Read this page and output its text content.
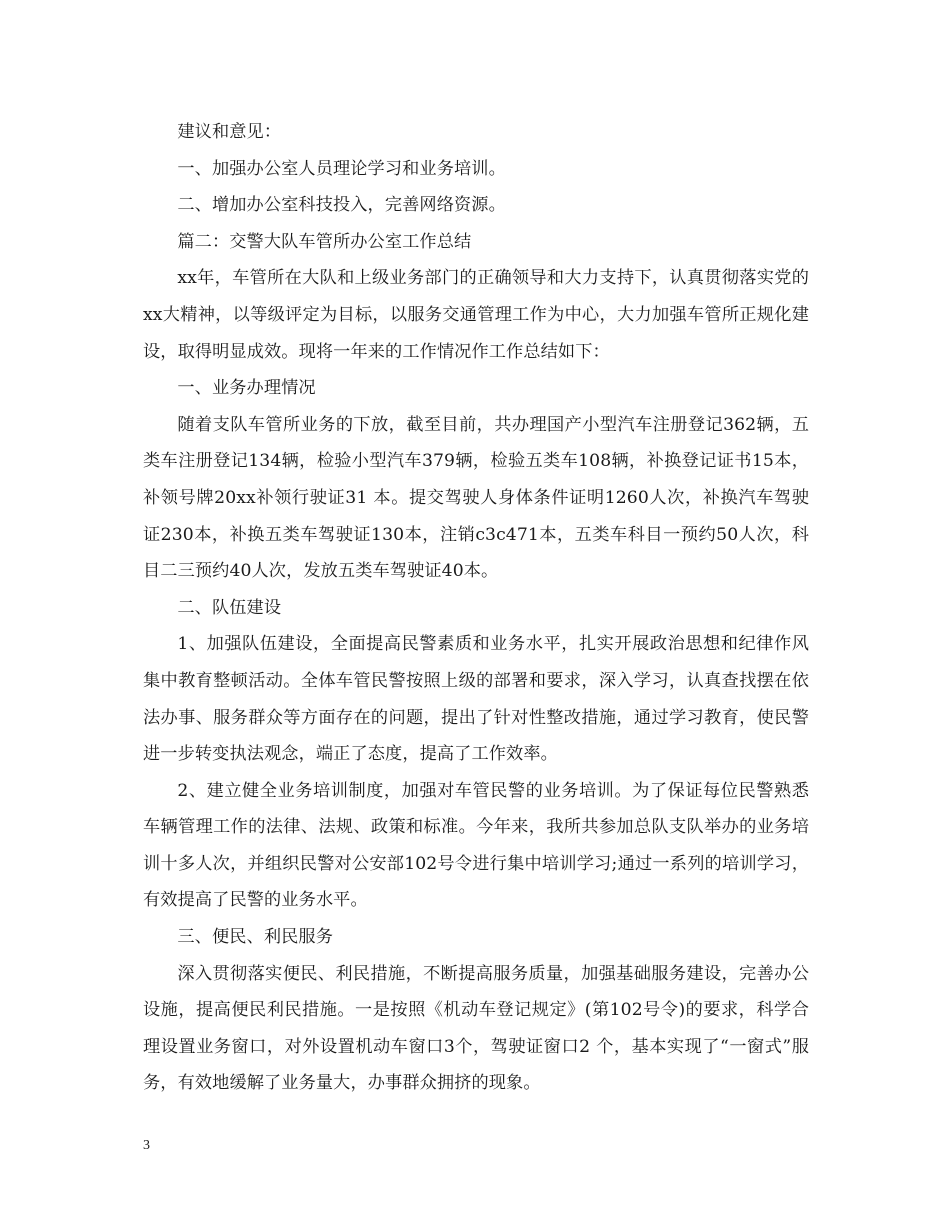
建议和意见：

一、加强办公室人员理论学习和业务培训。

二、增加办公室科技投入，完善网络资源。

篇二：交警大队车管所办公室工作总结

xx年，车管所在大队和上级业务部门的正确领导和大力支持下，认真贯彻落实党的xx大精神，以等级评定为目标，以服务交通管理工作为中心，大力加强车管所正规化建设，取得明显成效。现将一年来的工作情况作工作总结如下：

一、业务办理情况

随着支队车管所业务的下放，截至目前，共办理国产小型汽车注册登记362辆，五类车注册登记134辆，检验小型汽车379辆，检验五类车108辆，补换登记证书15本，补领号牌20xx补领行驶证31 本。提交驾驶人身体条件证明1260人次，补换汽车驾驶证230本，补换五类车驾驶证130本，注销c3c471本，五类车科目一预约50人次，科目二三预约40人次，发放五类车驾驶证40本。

二、队伍建设

1、加强队伍建设，全面提高民警素质和业务水平，扎实开展政治思想和纪律作风集中教育整顿活动。全体车管民警按照上级的部署和要求，深入学习，认真查找摆在依法办事、服务群众等方面存在的问题，提出了针对性整改措施，通过学习教育，使民警进一步转变执法观念，端正了态度，提高了工作效率。

2、建立健全业务培训制度，加强对车管民警的业务培训。为了保证每位民警熟悉车辆管理工作的法律、法规、政策和标准。今年来，我所共参加总队支队举办的业务培训十多人次，并组织民警对公安部102号令进行集中培训学习;通过一系列的培训学习，有效提高了民警的业务水平。

三、便民、利民服务

深入贯彻落实便民、利民措施，不断提高服务质量，加强基础服务建设，完善办公设施，提高便民利民措施。一是按照《机动车登记规定》(第102号令)的要求，科学合理设置业务窗口，对外设置机动车窗口3个，驾驶证窗口2 个，基本实现了“一窗式”服务，有效地缓解了业务量大，办事群众拥挤的现象。

3
